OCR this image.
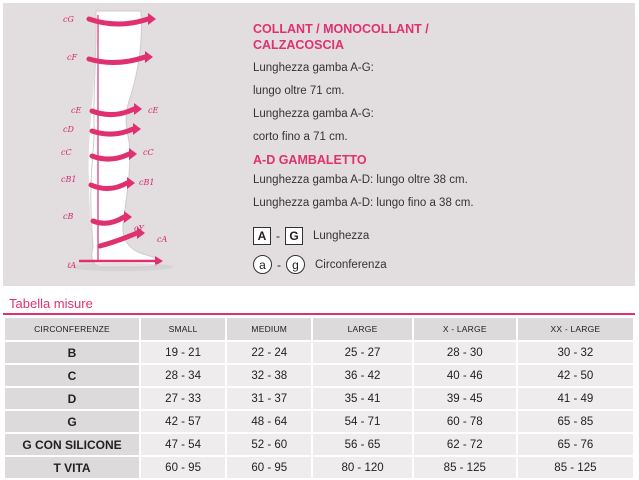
cG
cF
cE	cE
cD
cC	cC
cB1	cB1
cB
cY
cA
ℓA
COLLANT / MONOCOLLANT / CALZACOSCIA

Lunghezza gamba A-G:

lungo oltre 71 cm.

Lunghezza gamba A-G:

corto fino a 71 cm.

A-D GAMBALETTO

Lunghezza gamba A-D: lungo oltre 38 cm.

Lunghezza gamba A-D: lungo fino a 38 cm.

A - G	Lunghezza
a - g	Circonferenza
Tabella misure
CIRCONFERENZE	SMALL	MEDIUM	LARGE	X - LARGE	XX - LARGE
B	19 - 21	22 - 24	25 - 27	28 - 30	30 - 32
C	28 - 34	32 - 38	36 - 42	40 - 46	42 - 50
D	27 - 33	31 - 37	35 - 41	39 - 45	41 - 49
G	42 - 57	48 - 64	54 - 71	60 - 78	65 - 85
G CON SILICONE	47 - 54	52 - 60	56 - 65	62 - 72	65 - 76
T VITA	60 - 95	60 - 95	80 - 120	85 - 125	85 - 125
